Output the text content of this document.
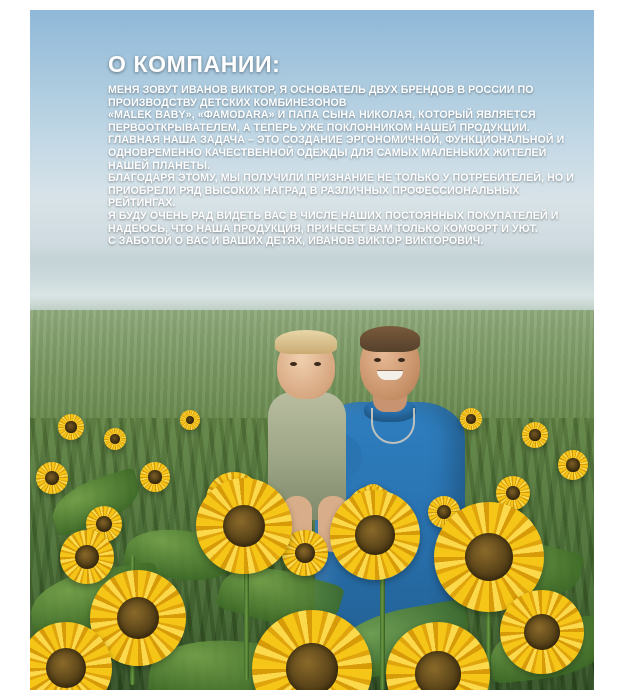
О КОМПАНИИ:

МЕНЯ ЗОВУТ ИВАНОВ ВИКТОР, Я ОСНОВАТЕЛЬ ДВУХ БРЕНДОВ В РОССИИ ПО ПРОИЗВОДСТВУ ДЕТСКИХ КОМБИНЕЗОНОВ

«MALEK BABY», «ФАМОDARA» И ПАПА СЫНА НИКОЛАЯ, КОТОРЫЙ ЯВЛЯЕТСЯ ПЕРВООТКРЫВАТЕЛЕМ, А ТЕПЕРЬ УЖЕ ПОКЛОННИКОМ НАШЕЙ ПРОДУКЦИИ. ГЛАВНАЯ НАША ЗАДАЧА – ЭТО СОЗДАНИЕ ЭРГОНОМИЧНОЙ, ФУНКЦИОНАЛЬНОЙ И ОДНОВРЕМЕННО КАЧЕСТВЕННОЙ ОДЕЖДЫ ДЛЯ САМЫХ МАЛЕНЬКИХ ЖИТЕЛЕЙ НАШЕЙ ПЛАНЕТЫ.

БЛАГОДАРЯ ЭТОМУ, МЫ ПОЛУЧИЛИ ПРИЗНАНИЕ НЕ ТОЛЬКО У ПОТРЕБИТЕЛЕЙ, НО И ПРИОБРЕЛИ РЯД ВЫСОКИХ НАГРАД В РАЗЛИЧНЫХ ПРОФЕССИОНАЛЬНЫХ РЕЙТИНГАХ.

Я БУДУ ОЧЕНЬ РАД ВИДЕТЬ ВАС В ЧИСЛЕ НАШИХ ПОСТОЯННЫХ ПОКУПАТЕЛЕЙ И НАДЕЮСЬ, ЧТО НАША ПРОДУКЦИЯ, ПРИНЕСЕТ ВАМ ТОЛЬКО КОМФОРТ И УЮТ.

С ЗАБОТОЙ О ВАС И ВАШИХ ДЕТЯХ, ИВАНОВ ВИКТОР ВИКТОРОВИЧ.
